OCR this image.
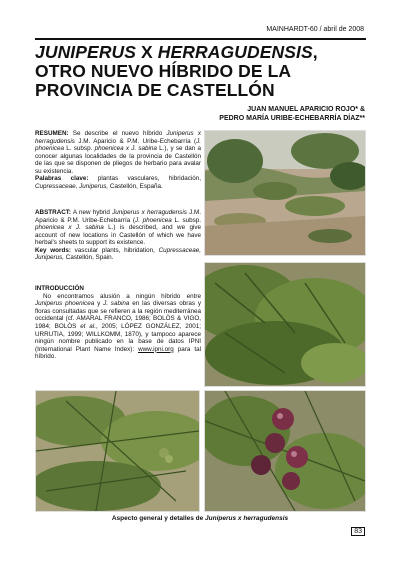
MAINHARDT-60 / abril de 2008
JUNIPERUS X HERRAGUDENSIS, OTRO NUEVO HÍBRIDO DE LA PROVINCIA DE CASTELLÓN
JUAN MANUEL APARICIO ROJO* &
PEDRO MARÍA URIBE-ECHEBARRÍA DÍAZ**
RESUMEN: Se describe el nuevo híbrido Juniperus x herragudensis J.M. Aparicio & P.M. Uribe-Echebarría (J. phoenicea L. subsp. phoenicea x J. sabina L.), y se dan a conocer algunas localidades de la provincia de Castellón de las que se disponen de pliegos de herbario para avalar su existencia.
Palabras clave: plantas vasculares, hibridación, Cupressaceae, Juniperus, Castellón, España.
ABSTRACT: A new hybrid Juniperus x herragudensis J.M. Aparicio & P.M. Uribe-Echebarría (J. phoenicea L. subsp. phoenicea x J. sabina L.) is described, and we give account of new locations in Castellón of which we have herbal’s sheets to support its existence.
Key words: vascular plants, hibridation, Cupressaceae, Juniperus, Castellón, Spain.
INTRODUCCIÓN
No encontramos alusión a ningún híbrido entre Juniperus phoenicea y J. sabina en las diversas obras y floras consultadas que se refieren a la región mediterránea occidental (cf. AMARAL FRANCO, 1986; BOLÒS & VIGO, 1984; BOLÒS et al., 2005; LÓPEZ GONZÁLEZ, 2001; URRUTIA, 1999; WILLKOMM, 1870), y tampoco aparece ningún nombre publicado en la base de datos IPNI (International Plant Name Index): www.ipni.org para tal híbrido.
Aspecto general y detalles de Juniperus x herragudensis
83
